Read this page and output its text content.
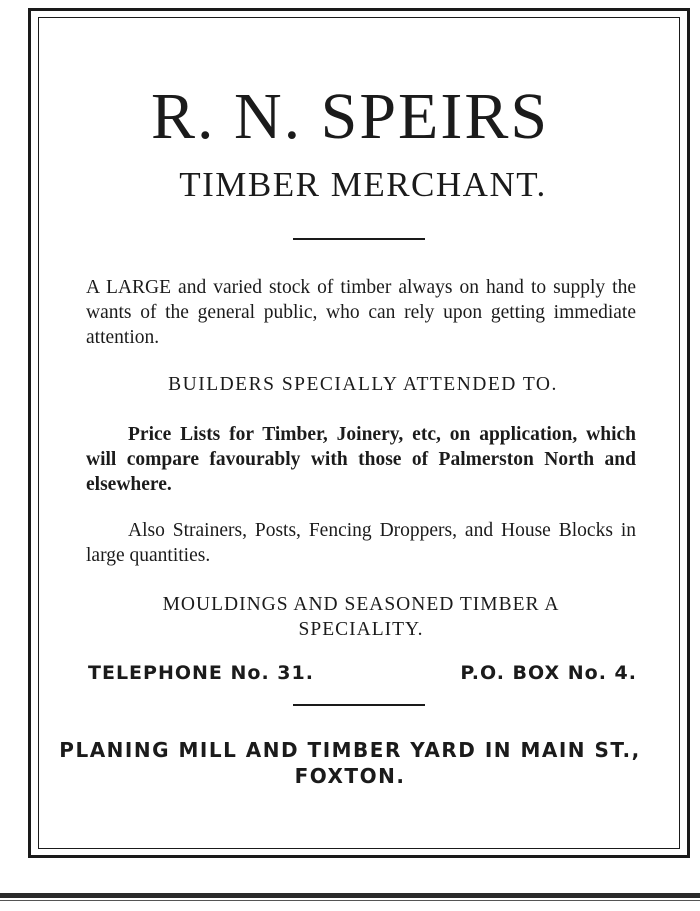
R. N. SPEIRS
TIMBER MERCHANT.

A LARGE and varied stock of timber always on hand to supply the wants of the general public, who can rely upon getting immediate attention.

BUILDERS SPECIALLY ATTENDED TO.

Price Lists for Timber, Joinery, etc, on application, which will compare favourably with those of Palmerston North and elsewhere.

Also Strainers, Posts, Fencing Droppers, and House Blocks in large quantities.

MOULDINGS AND SEASONED TIMBER A
SPECIALITY.
TELEPHONE No. 31.	P.O. BOX No. 4.
PLANING MILL AND TIMBER YARD IN MAIN ST.,
FOXTON.
